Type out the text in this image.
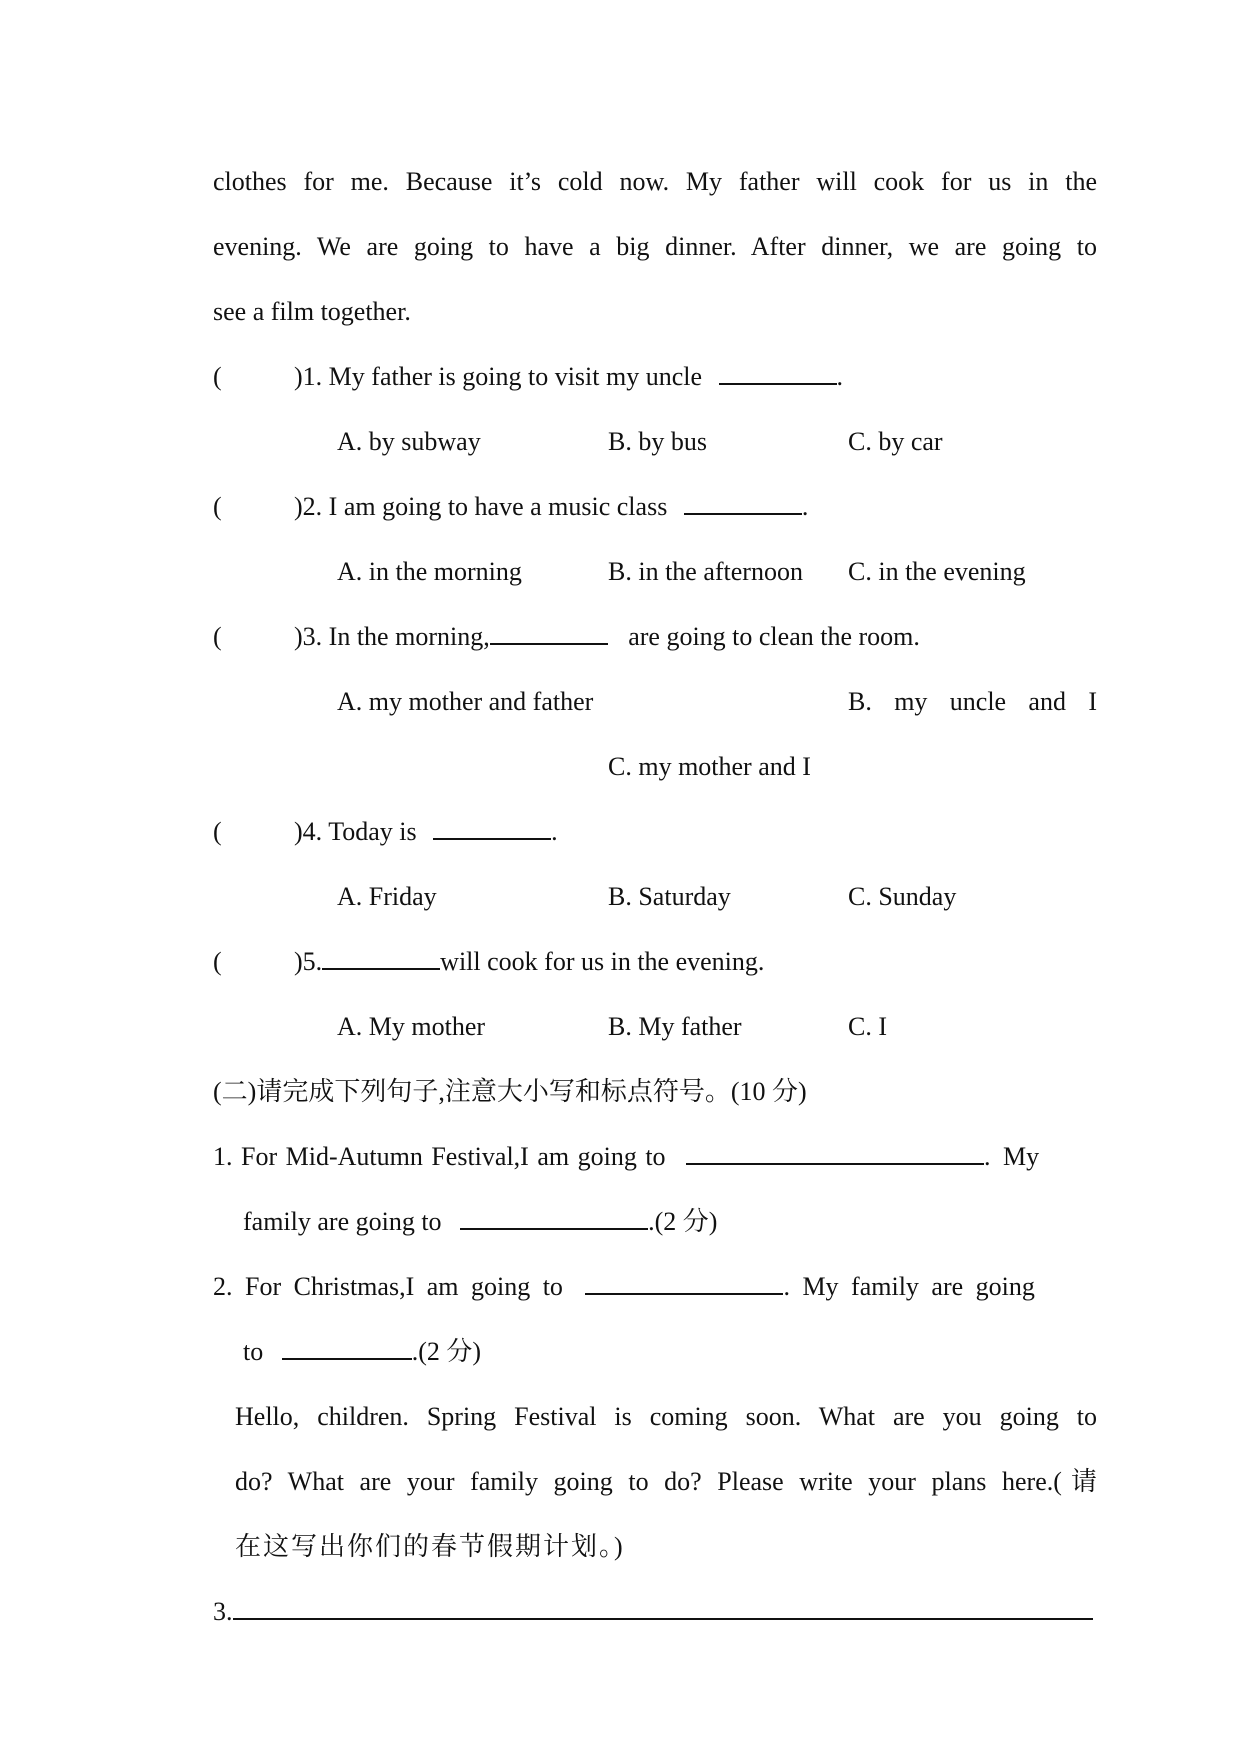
clothes for me. Because it’s cold now. My father will cook for us in the
evening. We are going to have a big dinner. After dinner, we are going to
see a film together.
(	)1. My father is going to visit my uncle	.
A. by subway	B. by bus	C. by car
(	)2. I am going to have a music class	.
A. in the morning	B. in the afternoon C. in the evening
(	)3. In the morning,	are going to clean the room.
A. my mother and father	B. my uncle and I
C. my mother and I
(	)4. Today is	.
A. Friday	B. Saturday	C. Sunday
(	)5.	will cook for us in the evening.
A. My mother	B. My father	C. I
(二)请完成下列句子,注意大小写和标点符号。(10 分)
1. For Mid-Autumn Festival,I am going to	. My
family are going to	.(2 分)
2. For Christmas,I am going to	. My family are going
to	.(2 分)
Hello, children. Spring Festival is coming soon. What are you going to
do? What are your family going to do? Please write your plans here.(请
在这写出你们的春节假期计划。)
3.
